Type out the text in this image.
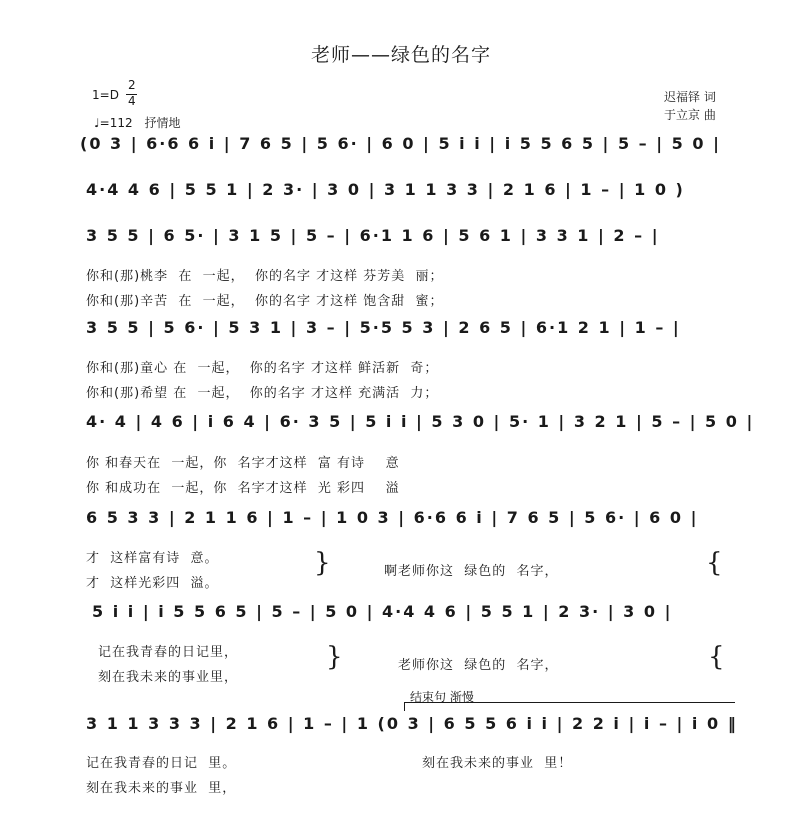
老师——绿色的名字
1=D
2
4
♩=112 抒情地
迟福铎 词
于立京 曲
(0 3 | 6·6 6 i | 7 6 5 | 5 6· | 6 0 | 5 i i | i 5 5 6 5 | 5 – | 5 0 |
4·4 4 6 | 5 5 1 | 2 3· | 3 0 | 3 1 1 3 3 | 2 1 6 | 1 – | 1 0 )
3 5 5 | 6 5· | 3 1 5 | 5 – | 6·1 1 6 | 5 6 1 | 3 3 1 | 2 – |
你和(那)桃李  在  一起，  你的名字 才这样 芬芳美  丽；
你和(那)辛苦  在  一起，  你的名字 才这样 饱含甜  蜜；
3 5 5 | 5 6· | 5 3 1 | 3 – | 5·5 5 3 | 2 6 5 | 6·1 2 1 | 1 – |
你和(那)童心 在  一起，  你的名字 才这样 鲜活新  奇；
你和(那)希望 在  一起，  你的名字 才这样 充满活  力；
4· 4 | 4 6 | i 6 4 | 6· 3 5 | 5 i i | 5 3 0 | 5· 1 | 3 2 1 | 5 – | 5 0 |
你 和春天在  一起，你  名字才这样  富 有诗    意
你 和成功在  一起，你  名字才这样  光 彩四    溢
6 5 3 3 | 2 1 1 6 | 1 – | 1 0 3 | 6·6 6 i | 7 6 5 | 5 6· | 6 0 |
才  这样富有诗  意。
才  这样光彩四  溢。
}	啊老师你这  绿色的  名字，	{
5 i i | i 5 5 6 5 | 5 – | 5 0 | 4·4 4 6 | 5 5 1 | 2 3· | 3 0 |
记在我青春的日记里，
刻在我未来的事业里，
}	老师你这  绿色的  名字，	{
结束句 渐慢
3 1 1 3 3 3 | 2 1 6 | 1 – | 1 (0 3 | 6 5 5 6 i i | 2 2 i | i – | i 0 ‖
记在我青春的日记  里。
刻在我未来的事业  里，
刻在我未来的事业  里！
